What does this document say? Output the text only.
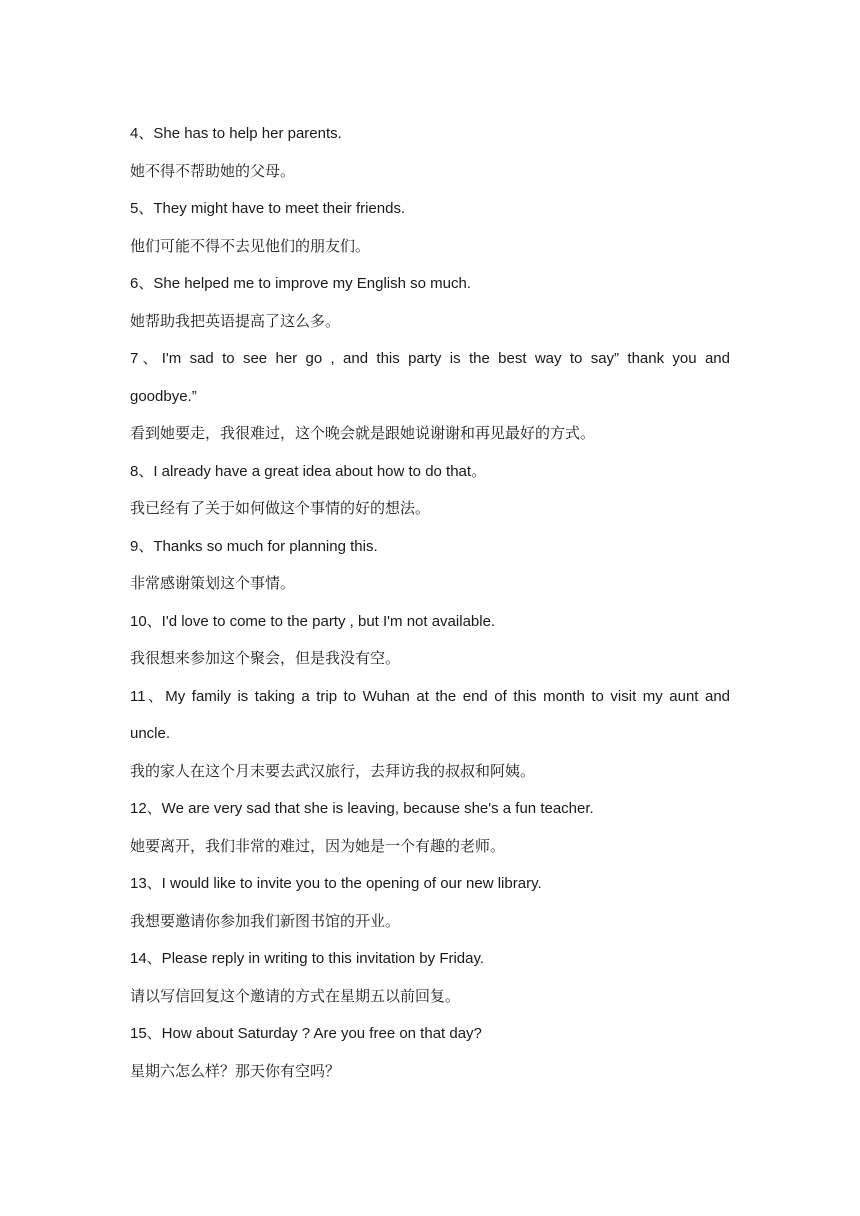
4、She has to help her parents.
她不得不帮助她的父母。
5、They might have to meet their friends.
他们可能不得不去见他们的朋友们。
6、She helped me to improve my English so much.
她帮助我把英语提高了这么多。
7、I'm sad to see her go , and this party is the best way to say” thank you and
goodbye.”
看到她要走，我很难过，这个晚会就是跟她说谢谢和再见最好的方式。
8、I already have a great idea about how to do that。
我已经有了关于如何做这个事情的好的想法。
9、Thanks so much for planning this.
非常感谢策划这个事情。
10、I'd love to come to the party , but I'm not available.
我很想来参加这个聚会，但是我没有空。
11、My family is taking a trip to Wuhan at the end of this month to visit my aunt and
uncle.
我的家人在这个月末要去武汉旅行，去拜访我的叔叔和阿姨。
12、We are very sad that she is leaving, because she's a fun teacher.
她要离开，我们非常的难过，因为她是一个有趣的老师。
13、I would like to invite you to the opening of our new library.
我想要邀请你参加我们新图书馆的开业。
14、Please reply in writing to this invitation by Friday.
请以写信回复这个邀请的方式在星期五以前回复。
15、How about Saturday ? Are you free on that day?
星期六怎么样？那天你有空吗？
